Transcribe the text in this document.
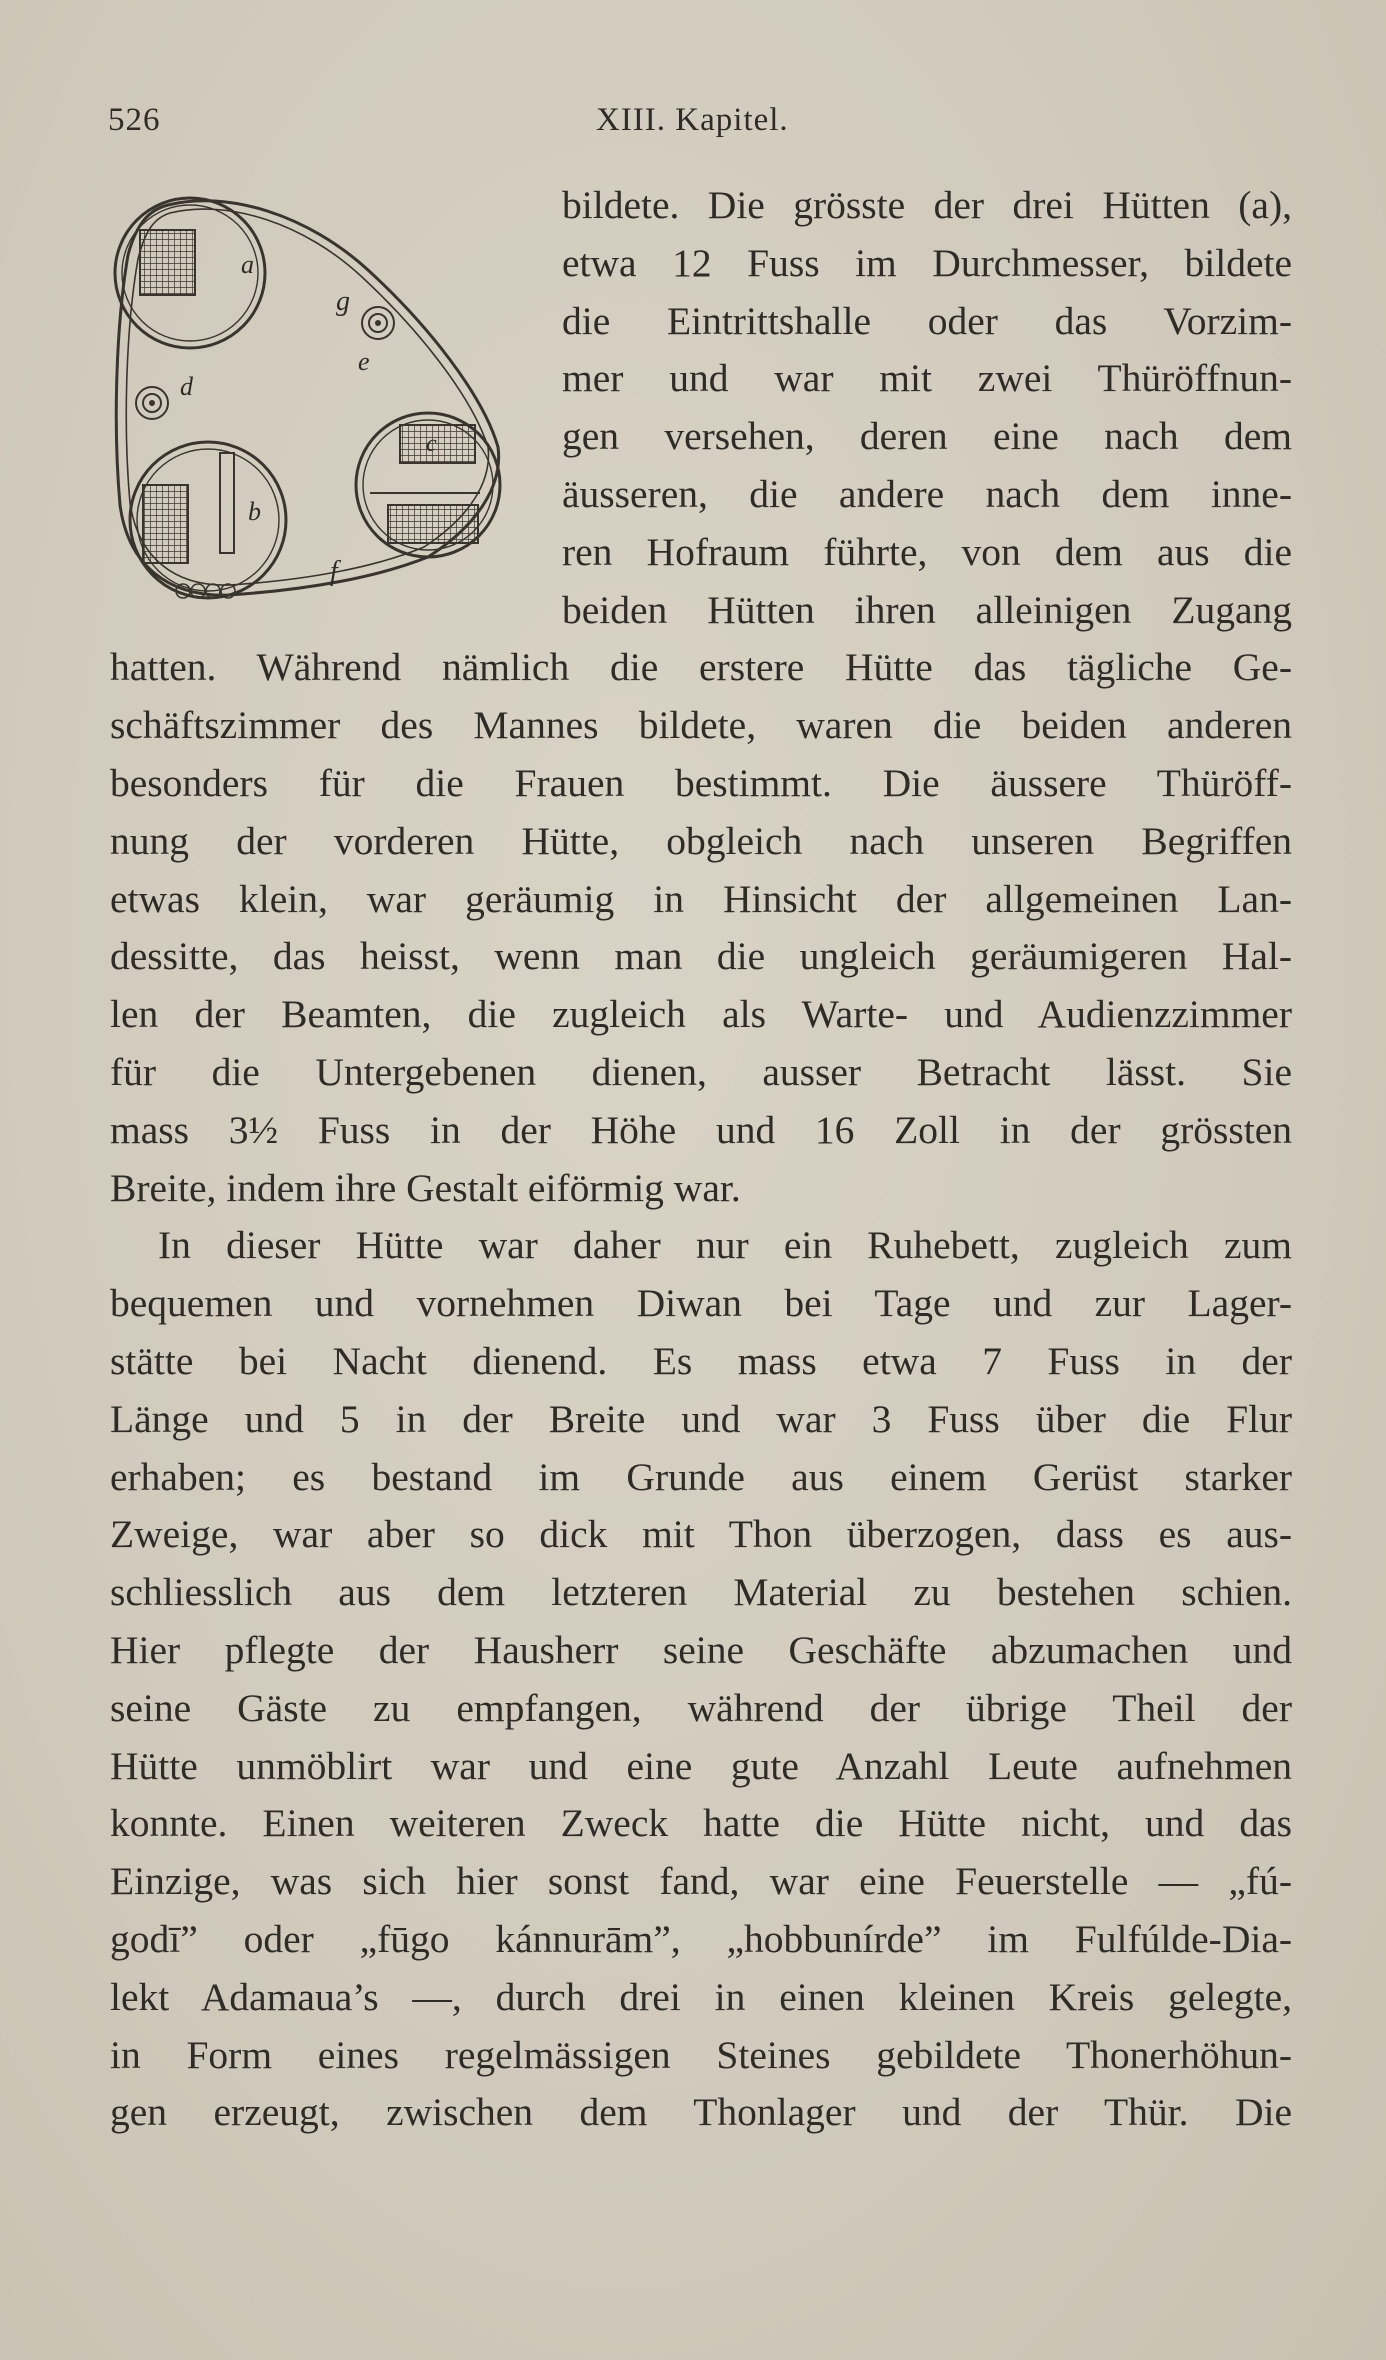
526	XIII. Kapitel.
a
g
e
d
b
c
f
bildete. Die grösste der drei Hütten (a),
etwa 12 Fuss im Durchmesser, bildete
die Eintrittshalle oder das Vorzim-
mer und war mit zwei Thüröffnun-
gen versehen, deren eine nach dem
äusseren, die andere nach dem inne-
ren Hofraum führte, von dem aus die
beiden Hütten ihren alleinigen Zugang
hatten. Während nämlich die erstere Hütte das tägliche Ge-
schäftszimmer des Mannes bildete, waren die beiden anderen
besonders für die Frauen bestimmt. Die äussere Thüröff-
nung der vorderen Hütte, obgleich nach unseren Begriffen
etwas klein, war geräumig in Hinsicht der allgemeinen Lan-
dessitte, das heisst, wenn man die ungleich geräumigeren Hal-
len der Beamten, die zugleich als Warte- und Audienzzimmer
für die Untergebenen dienen, ausser Betracht lässt. Sie
mass 3½ Fuss in der Höhe und 16 Zoll in der grössten
Breite, indem ihre Gestalt eiförmig war.
In dieser Hütte war daher nur ein Ruhebett, zugleich zum
bequemen und vornehmen Diwan bei Tage und zur Lager-
stätte bei Nacht dienend. Es mass etwa 7 Fuss in der
Länge und 5 in der Breite und war 3 Fuss über die Flur
erhaben; es bestand im Grunde aus einem Gerüst starker
Zweige, war aber so dick mit Thon überzogen, dass es aus-
schliesslich aus dem letzteren Material zu bestehen schien.
Hier pflegte der Hausherr seine Geschäfte abzumachen und
seine Gäste zu empfangen, während der übrige Theil der
Hütte unmöblirt war und eine gute Anzahl Leute aufnehmen
konnte. Einen weiteren Zweck hatte die Hütte nicht, und das
Einzige, was sich hier sonst fand, war eine Feuerstelle — „fú-
godī” oder „fūgo kánnurām”, „hobbunírde” im Fulfúlde-Dia-
lekt Adamaua’s —, durch drei in einen kleinen Kreis gelegte,
in Form eines regelmässigen Steines gebildete Thonerhöhun-
gen erzeugt, zwischen dem Thonlager und der Thür. Die
